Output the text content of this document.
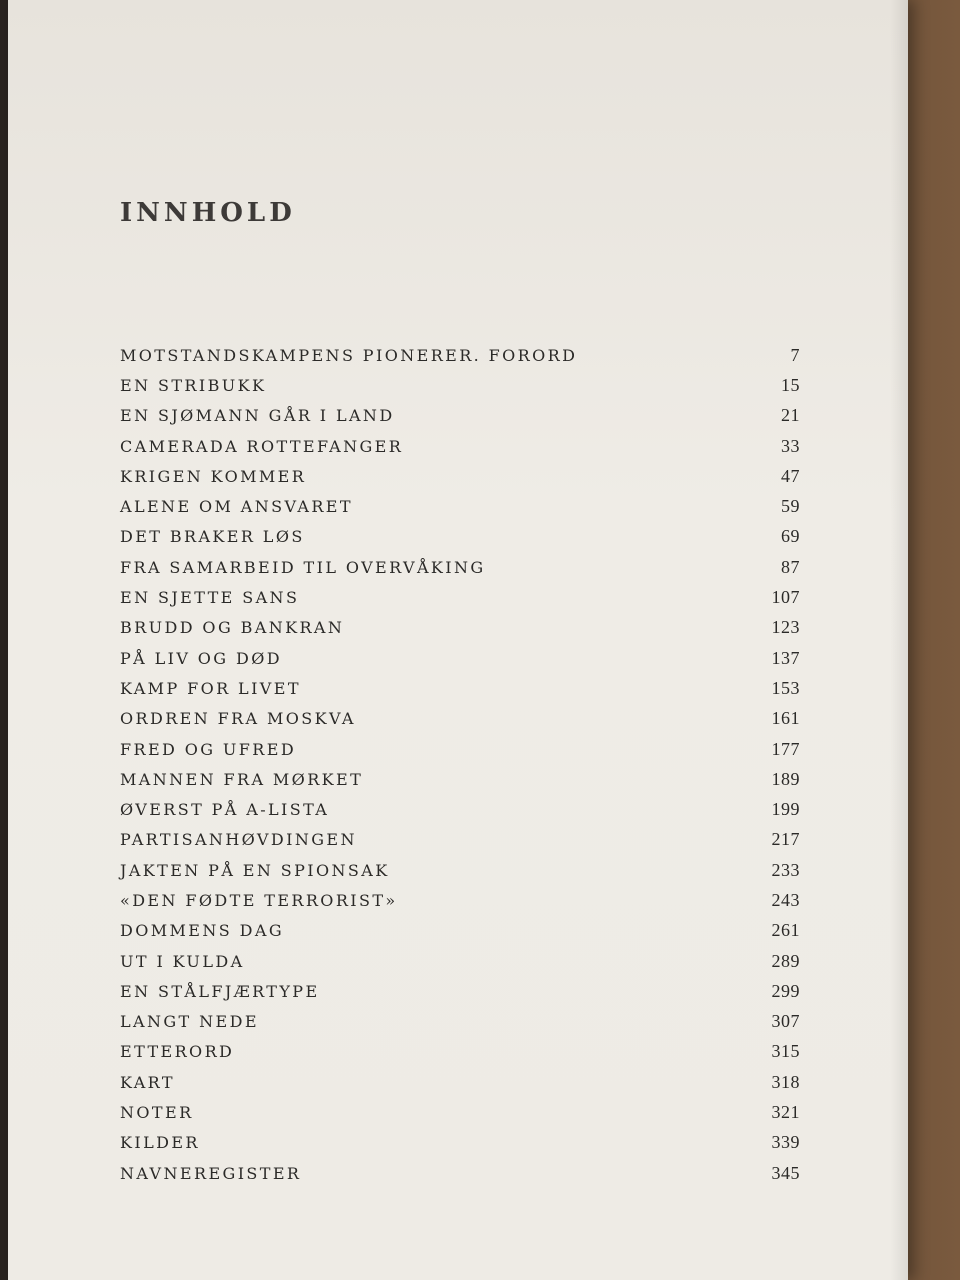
INNHOLD
MOTSTANDSKAMPENS PIONERER. FORORD	7
EN STRIBUKK	15
EN SJØMANN GÅR I LAND	21
CAMERADA ROTTEFANGER	33
KRIGEN KOMMER	47
ALENE OM ANSVARET	59
DET BRAKER LØS	69
FRA SAMARBEID TIL OVERVÅKING	87
EN SJETTE SANS	107
BRUDD OG BANKRAN	123
PÅ LIV OG DØD	137
KAMP FOR LIVET	153
ORDREN FRA MOSKVA	161
FRED OG UFRED	177
MANNEN FRA MØRKET	189
ØVERST PÅ A-LISTA	199
PARTISANHØVDINGEN	217
JAKTEN PÅ EN SPIONSAK	233
«DEN FØDTE TERRORIST»	243
DOMMENS DAG	261
UT I KULDA	289
EN STÅLFJÆRTYPE	299
LANGT NEDE	307
ETTERORD	315
KART	318
NOTER	321
KILDER	339
NAVNEREGISTER	345
